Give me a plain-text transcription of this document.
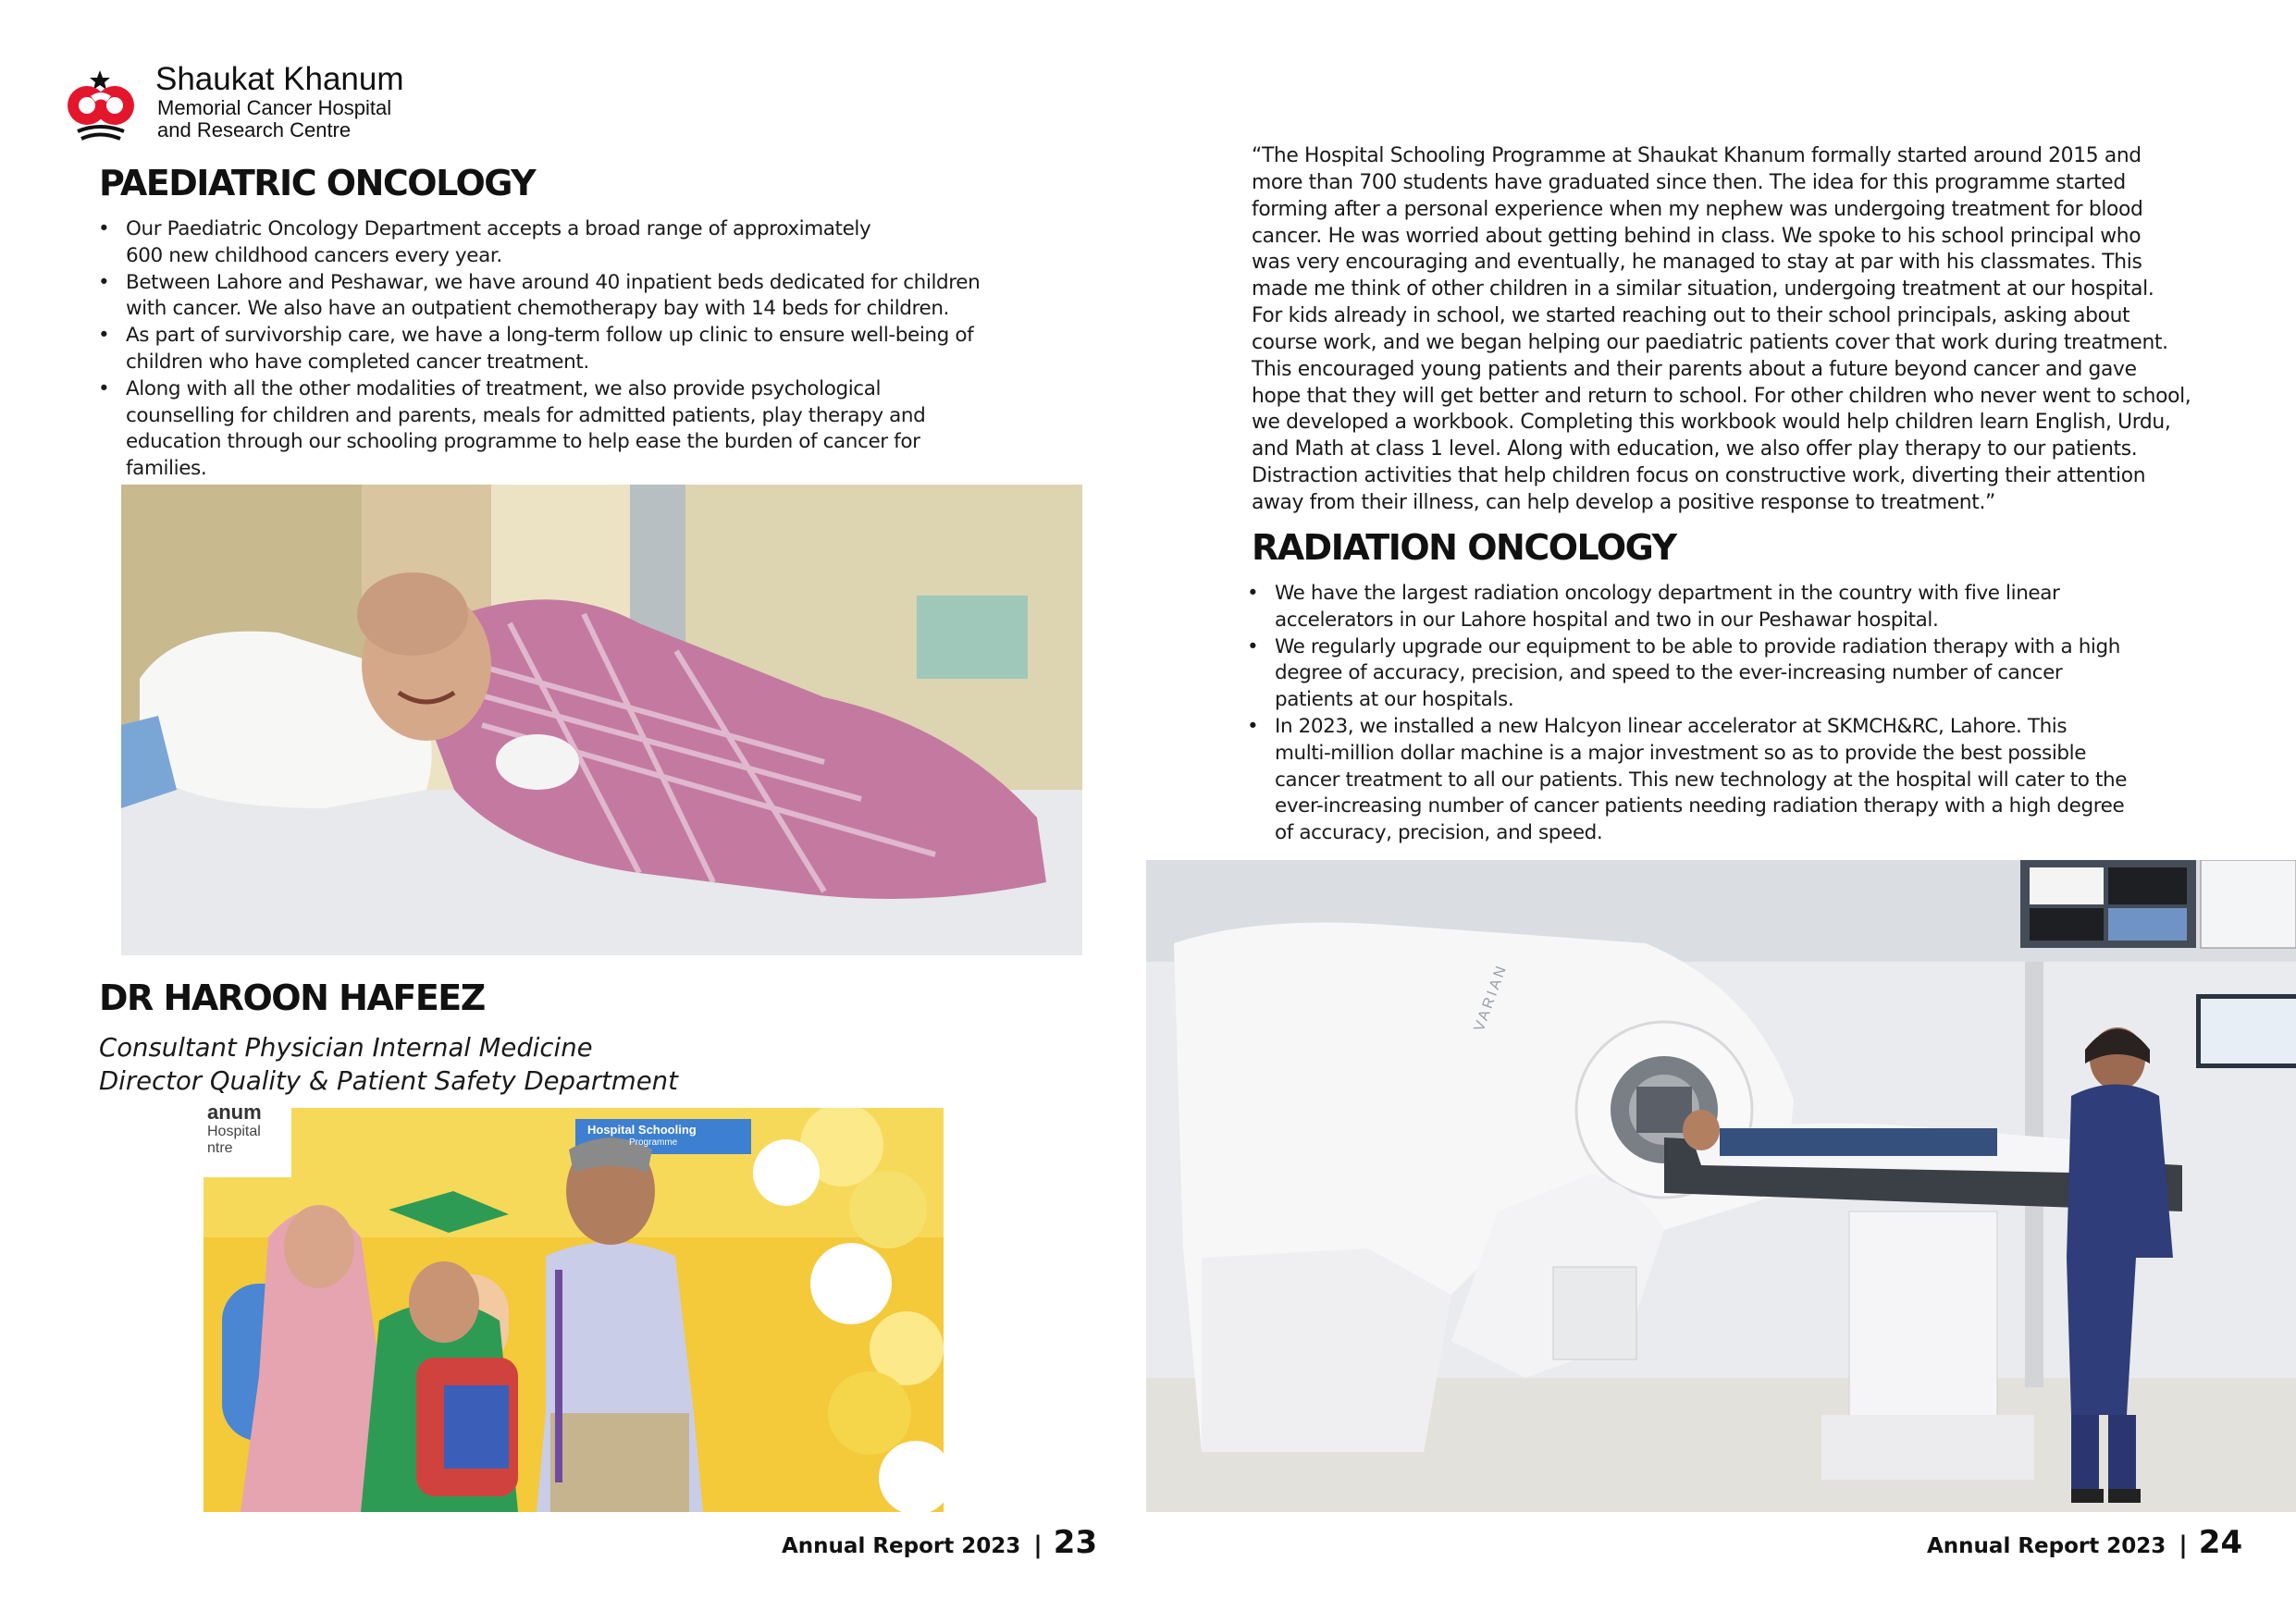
Shaukat Khanum
Memorial Cancer Hospital
and Research Centre
PAEDIATRIC ONCOLOGY
• Our Paediatric Oncology Department accepts a broad range of approximately
600 new childhood cancers every year.
• Between Lahore and Peshawar, we have around 40 inpatient beds dedicated for children
with cancer. We also have an outpatient chemotherapy bay with 14 beds for children.
• As part of survivorship care, we have a long-term follow up clinic to ensure well-being of
children who have completed cancer treatment.
• Along with all the other modalities of treatment, we also provide psychological
counselling for children and parents, meals for admitted patients, play therapy and
education through our schooling programme to help ease the burden of cancer for
families.
DR HAROON HAFEEZ
Consultant Physician Internal Medicine
Director Quality & Patient Safety Department
Hospital Schooling
Programme
anum
Hospital
ntre
Annual Report 2023 | 23
“The Hospital Schooling Programme at Shaukat Khanum formally started around 2015 and
more than 700 students have graduated since then. The idea for this programme started
forming after a personal experience when my nephew was undergoing treatment for blood
cancer. He was worried about getting behind in class. We spoke to his school principal who
was very encouraging and eventually, he managed to stay at par with his classmates. This
made me think of other children in a similar situation, undergoing treatment at our hospital.
For kids already in school, we started reaching out to their school principals, asking about
course work, and we began helping our paediatric patients cover that work during treatment.
This encouraged young patients and their parents about a future beyond cancer and gave
hope that they will get better and return to school. For other children who never went to school,
we developed a workbook. Completing this workbook would help children learn English, Urdu,
and Math at class 1 level. Along with education, we also offer play therapy to our patients.
Distraction activities that help children focus on constructive work, diverting their attention
away from their illness, can help develop a positive response to treatment.”
RADIATION ONCOLOGY
• We have the largest radiation oncology department in the country with five linear
accelerators in our Lahore hospital and two in our Peshawar hospital.
• We regularly upgrade our equipment to be able to provide radiation therapy with a high
degree of accuracy, precision, and speed to the ever-increasing number of cancer
patients at our hospitals.
• In 2023, we installed a new Halcyon linear accelerator at SKMCH&RC, Lahore. This
multi-million dollar machine is a major investment so as to provide the best possible
cancer treatment to all our patients. This new technology at the hospital will cater to the
ever-increasing number of cancer patients needing radiation therapy with a high degree
of accuracy, precision, and speed.
VARIAN
Annual Report 2023 | 24
